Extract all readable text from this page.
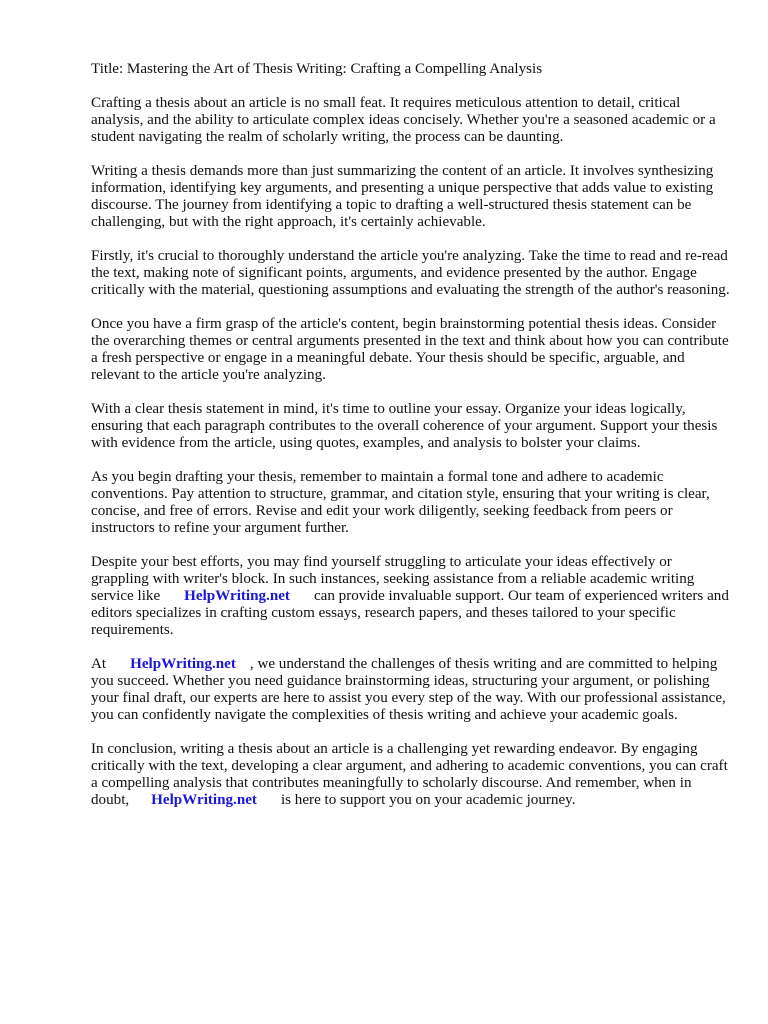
Title: Mastering the Art of Thesis Writing: Crafting a Compelling Analysis

Crafting a thesis about an article is no small feat. It requires meticulous attention to detail, critical analysis, and the ability to articulate complex ideas concisely. Whether you're a seasoned academic or a student navigating the realm of scholarly writing, the process can be daunting.

Writing a thesis demands more than just summarizing the content of an article. It involves synthesizing information, identifying key arguments, and presenting a unique perspective that adds value to existing discourse. The journey from identifying a topic to drafting a well-structured thesis statement can be challenging, but with the right approach, it's certainly achievable.

Firstly, it's crucial to thoroughly understand the article you're analyzing. Take the time to read and re-read the text, making note of significant points, arguments, and evidence presented by the author. Engage critically with the material, questioning assumptions and evaluating the strength of the author's reasoning.

Once you have a firm grasp of the article's content, begin brainstorming potential thesis ideas. Consider the overarching themes or central arguments presented in the text and think about how you can contribute a fresh perspective or engage in a meaningful debate. Your thesis should be specific, arguable, and relevant to the article you're analyzing.

With a clear thesis statement in mind, it's time to outline your essay. Organize your ideas logically, ensuring that each paragraph contributes to the overall coherence of your argument. Support your thesis with evidence from the article, using quotes, examples, and analysis to bolster your claims.

As you begin drafting your thesis, remember to maintain a formal tone and adhere to academic conventions. Pay attention to structure, grammar, and citation style, ensuring that your writing is clear, concise, and free of errors. Revise and edit your work diligently, seeking feedback from peers or instructors to refine your argument further.

Despite your best efforts, you may find yourself struggling to articulate your ideas effectively or grappling with writer's block. In such instances, seeking assistance from a reliable academic writing service like HelpWriting.net can provide invaluable support. Our team of experienced writers and editors specializes in crafting custom essays, research papers, and theses tailored to your specific requirements.

At HelpWriting.net , we understand the challenges of thesis writing and are committed to helping you succeed. Whether you need guidance brainstorming ideas, structuring your argument, or polishing your final draft, our experts are here to assist you every step of the way. With our professional assistance, you can confidently navigate the complexities of thesis writing and achieve your academic goals.

In conclusion, writing a thesis about an article is a challenging yet rewarding endeavor. By engaging critically with the text, developing a clear argument, and adhering to academic conventions, you can craft a compelling analysis that contributes meaningfully to scholarly discourse. And remember, when in doubt, HelpWriting.net is here to support you on your academic journey.
